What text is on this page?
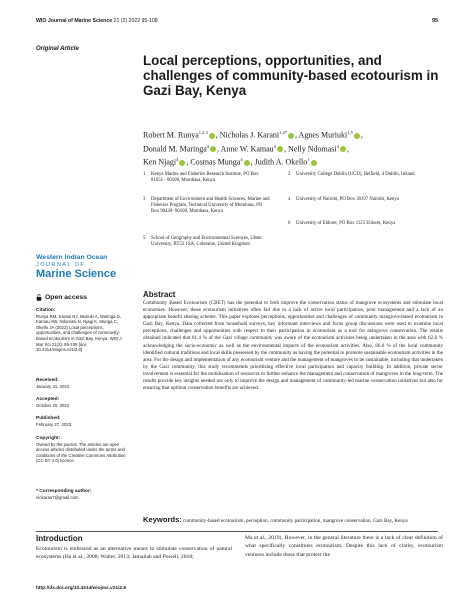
WIO Journal of Marine Science 21 (2) 2022 95-108	95
Original Article
Local perceptions, opportunities, and challenges of community-based ecotourism in Gazi Bay, Kenya
Robert M. Runya$^{1,2,3}$ , Nicholas J. Karani$^{1,4*}$ , Agnes Muriuki$^{1,5}$ ,
Donald M. Maringa$^4$ , Anne W. Kamau$^4$ , Nelly Ndomasi$^4$ ,
Ken Njagi$^4$ , Cosmas Munga$^4$ , Judith A. Okello$^1$
1	Kenya Marine and Fisheries Research Institute, PO Box 81651 - 80100, Mombasa, Kenya
2	University College Dublin (UCD), Belfield, 4 Dublin, Ireland
3	Department of Environment and Health Sciences, Marine and Fisheries Program, Technical University of Mombasa, PO Box 90420- 80100, Mombasa, Kenya
4	University of Nairobi, PO Box 30197 Nairobi, Kenya
5	School of Geography and Environmental Sciences, Ulster University, BT52 1SA, Coleraine, United Kingdom
6	University of Eldoret, PO Box 1125 Eldoret, Kenya
Western Indian Ocean
JOURNAL OF
Marine Science
Open access
Citation:
Runya RM, Karani NJ, Muriuki A, Maringa D, Kamau AW, Ndomasi N, Njagi K, Munga C, Okello JA (2022) Local perceptions, opportunities, and challenges of community-based ecotourism in Gazi Bay, Kenya. WIO J Mar Sci 21(2): 95-108 [doi: 10.4314/wiojms.v21i2.8]
Received:
January 31, 2022
Accepted:
October 20, 2022
Published:
February 27, 2023
Copyright:
Owned by the journal. The articles are open access articles distributed under the terms and conditions of the Creative Commons Attribution (CC BY 4.0) licence.
* Corresponding author:
nickaran7@gmail.com
Abstract
Community Based Ecotourism (CBET) has the potential to both improve the conservation status of mangrove ecosystems and stimulate local economies. However, these ecotourism initiatives often fail due to a lack of active local participation, poor management and a lack of an appropriate benefit sharing scheme. This paper explores perceptions, opportunities and challenges of community mangrove-based ecotourism in Gazi Bay, Kenya. Data collected from household surveys, key informant interviews and focus group discussions were used to examine local perceptions, challenges and opportunities with respect to their participation in ecotourism as a tool for mangrove conservation. The results obtained indicated that 81.4 % of the Gazi village community was aware of the ecotourism activities being undertaken in the area with 62.8 % acknowledging the socio-economic as well as the environmental impacts of the ecotourism activities. Also, 66.0 % of the local community identified cultural traditions and local skills possessed by the community as having the potential to promote sustainable ecotourism activities in the area. For the design and implementation of any ecotourism venture and the management of mangroves to be sustainable, including that undertaken by the Gazi community, this study recommends prioritising effective local participation and capacity building. In addition, private sector involvement is essential for the mobilisation of resources to further enhance the management and conservation of mangroves in the long-term. The results provide key insights needed not only to improve the design and management of community-led marine conservation initiatives but also for ensuring that optimal conservation benefits are achieved.
Keywords: community-based ecotourism, perception, community participation, mangrove conservation, Gazi Bay, Kenya
Introduction
Ecotourism is embraced as an alternative means to stimulate conservation of natural ecosystems (Ha et al., 2008; Walter, 2013; Jamaliah and Powell, 2018;
Ma et al., 2019). However, in the general literature there is a lack of clear definition of what specifically constitutes ecotourism. Despite this lack of clarity, ecotourism ventures include those that protect the
http://dx.doi.org/10.4314/wiojms.v21i2.8
